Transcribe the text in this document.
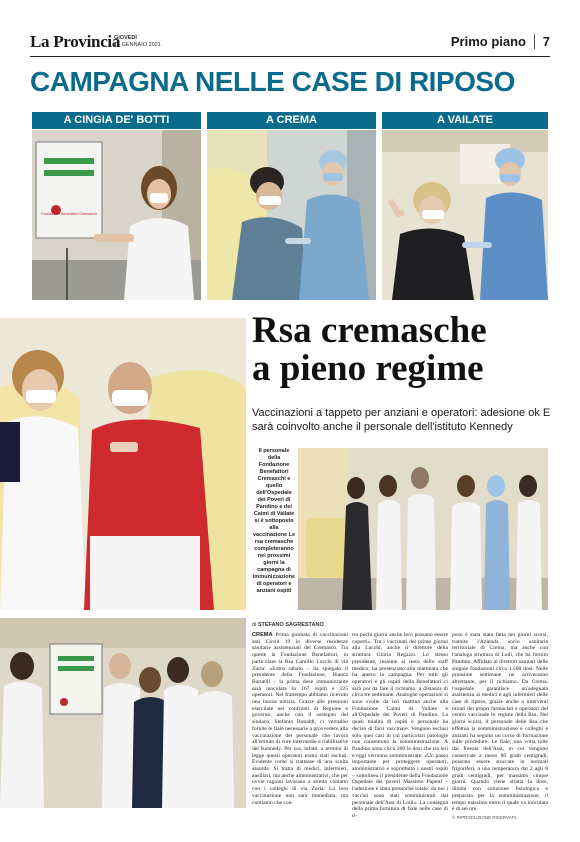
La Provincia
GIOVEDÌ
14 GENNAIO 2021	Primo piano	7
CAMPAGNA NELLE CASE DI RIPOSO
A CINGIA DE' BOTTI	A CREMA	A VAILATE
Fondazione Benefattori Cremaschi
Rsa cremasche
a pieno regime
Vaccinazioni a tappeto per anziani e operatori: adesione ok E sarà coinvolto anche il personale dell'istituto Kennedy
Il personale della Fondazione Benefattori Cremaschi e quello dell'Ospedale dei Poveri di Pandino e dei Caimi di Vailate si è sottoposto alla vaccinazione Le rsa cremasche completeranno nei prossimi giorni la campagna di immunizzazione di operatori e anziani ospiti
di STEFANO SAGRESTANO
CREMA Prima giornata di vaccinazioni anti Covid 19 in diverse residenze sanitarie assistenziali del Cremasco. Tra queste la Fondazione Benefattori, in particolare la Rsa Camillo Lucchi di via Zurla: «Entro sabato – ha spiegato il presidente della Fondazione, Bianca Baruelli – la prima dose immunizzante sarà inoculata in 167 ospiti e 125 operatori. Nel frattempo abbiamo ricevuto una buona notizia. Grazie alle pressioni esercitate nei confronti di Regione e governo, anche con il sostegno del sindaco, Stefania Bonaldi, ci verranno fornite le fiale necessarie a provvedere alla vaccinazione del personale che lavora all'istituto di cure intermedie e riabilitative del Kennedy. Per ora, infatti, a termini di legge questi operatori erano stati esclusi. Evidente come si trattasse di una scelta assurda. Si tratta di medici, infermieri, ausiliari, ma anche amministrativi, che per ovvie ragioni lavorano a stretto contatto con i colleghi di via Zurla. La loro vaccinazione non sarà immediata, ma contiamo che con-
tro pochi giorni anche loro possano essere coperti». Tra i vaccinati del primo giorno alla Lucchi, anche il direttore della struttura Gloria Regazzi. Lo stesso presidente, insieme al resto dello staff medico, ha presenziato alla mattinata che ha aperto la campagna. Per tutti gli operatori e gli ospiti della Benefattori ci sarà poi da fare il richiamo, a distanza di circa tre settimane. Analoghe operazioni si sono svolte da ieri mattina anche alla Fondazione Caimi di Vailate e all'Ospedale dei Poveri di Pandino. La quasi totalità di ospiti e personale ha deciso di farsi vaccinare. Vengono esclusi solo quei casi in cui particolari patologie non consentono la somministrazione. A Pandino sono circa 200 le dosi che tra ieri e oggi verranno somministrate. «Un passo importante per proteggere operatori, amministrativi e soprattutto i nostri ospiti – sottolinea il presidente della Fondazione Ospedale dei poveri Massimo Papetti – l'adesione è stata pressoché totale: da noi i vaccini sono stati somministrati dal personale dell'Asst di Lodi». La consegna della prima fornitura di fiale nelle case di ri-
poso è stata stata fatta nei giorni scorsi, tramite l'Azienda socio sanitaria territoriale di Crema, ma anche con l'analoga struttura di Lodi, che ha fornito Pandino. Affidato ai direttori sanitari delle singole fondazioni circa 1.500 dosi. Nelle prossime settimane ne arriveranno altrettante, per il richiamo. Da Crema, l'ospedale garantisce un'adeguata assistenza ai medici e agli infermieri delle case di riposo, grazie anche a interventi mirati dei propri farmacisti e operatori del centro vaccinale in regime della Rsa. Nei giorni scorsi, il personale delle Rsa che effettua la somministrazione è colleghi e anziani ha seguito un corso di formazione sulle procedure. Le fiale, una volta tolte dai freezer dell'Asst, in cui vengono conservate a meno 80 gradi centigradi, possono essere stoccate in normali frigoriferi, a una temperatura dai 2 agli 8 gradi centigradi, per massimo cinque giorni. Quando viene stratta la dose, diluita con soluzione fisiologica e preparata per la somministrazione, il tempo massimo entro il quale va inoculata è di sei ore.
© RIPRODUZIONE RISERVATA
